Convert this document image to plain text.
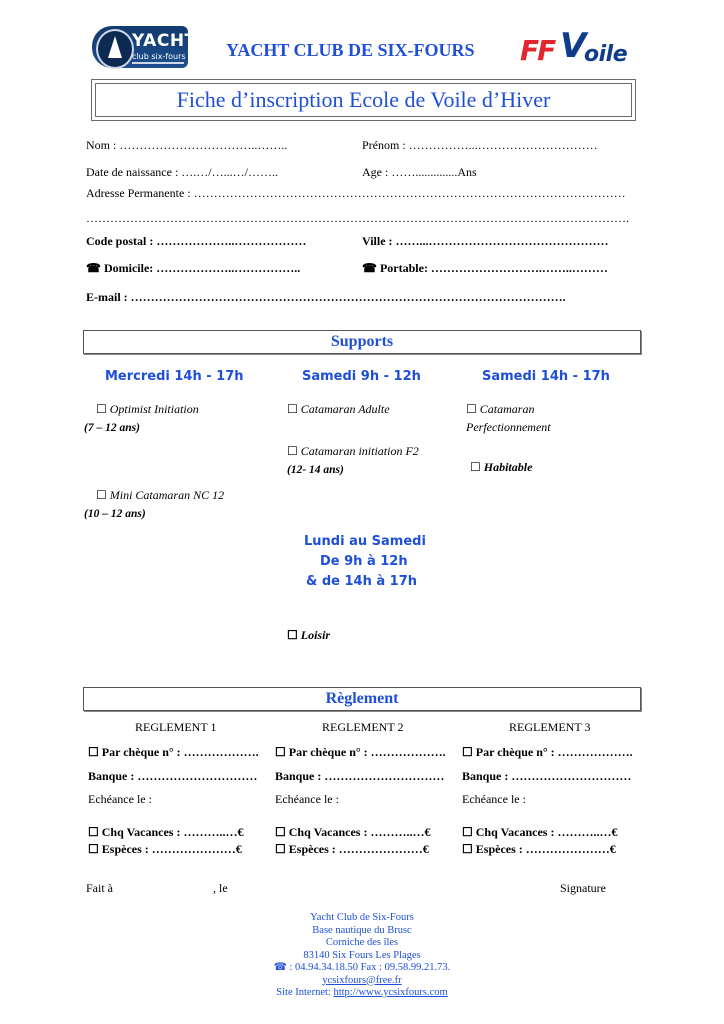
YACHT
club six-fours YACHT CLUB DE SIX-FOURS FF V
oile
Fiche d’inscription Ecole de Voile d’Hiver
Nom : ……………………………..……..	Prénom : ……………...…………………………
Date de naissance : ….…/…...…/……..	Age : ……..............Ans
Adresse Permanente : ………………………………………………………………………………………………
……………………………………………………………………………………………………………………….
Code postal : ………………..………………	Ville : ……...………………………………………
☎ Domicile: ………………..……………..	☎ Portable: ……………………….……..………
E-mail : ……………………………………………………………………………………………….
Supports
Mercredi 14h - 17h	Samedi 9h - 12h	Samedi 14h - 17h
☐ Optimist Initiation
(7 – 12 ans)
☐ Mini Catamaran NC 12
(10 – 12 ans)
☐ Catamaran Adulte
☐ Catamaran initiation F2
(12- 14 ans)
☐ Catamaran
Perfectionnement
☐ Habitable
Lundi au Samedi
De 9h à 12h
& de 14h à 17h
☐ Loisir
Règlement
REGLEMENT 1	REGLEMENT 2	REGLEMENT 3
☐ Par chèque n° : ……………….
Banque : …………………………
Echéance le :
☐ Chq Vacances : ………..…€
☐ Espèces : …………………€
☐ Par chèque n° : ……………….
Banque : …………………………
Echéance le :
☐ Chq Vacances : ………..…€
☐ Espèces : …………………€
☐ Par chèque n° : ……………….
Banque : …………………………
Echéance le :
☐ Chq Vacances : ………..…€
☐ Espèces : …………………€
Fait à	, le	Signature
Yacht Club de Six-Fours
Base nautique du Brusc
Corniche des îles
83140 Six Fours Les Plages
☎ : 04.94.34.18.50 Fax : 09.58.99.21.73.
ycsixfours@free.fr
Site Internet: http://www.ycsixfours.com
